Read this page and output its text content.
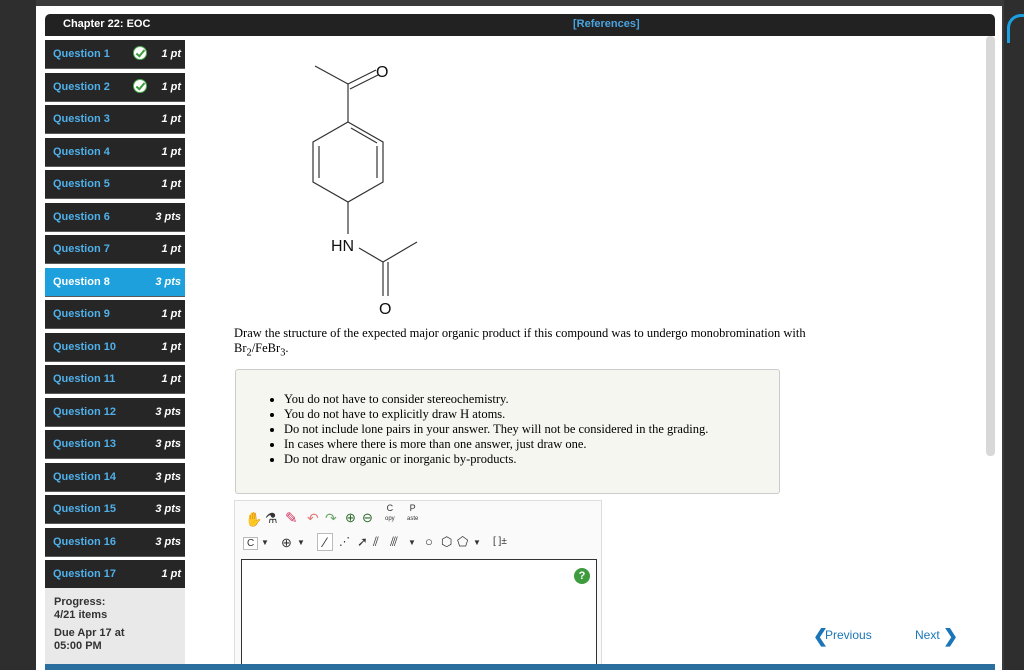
Chapter 22: EOC	[References]
Question 1	1 pt
Question 2	1 pt
Question 3	1 pt
Question 4	1 pt
Question 5	1 pt
Question 6	3 pts
Question 7	1 pt
Question 8	3 pts
Question 9	1 pt
Question 10	1 pt
Question 11	1 pt
Question 12	3 pts
Question 13	3 pts
Question 14	3 pts
Question 15	3 pts
Question 16	3 pts
Question 17	1 pt
Progress:
4/21 items
Due Apr 17 at
05:00 PM
O
HN
O
Draw the structure of the expected major organic product if this compound was to undergo monobromination with
$Br_2/FeBr_3$.
• You do not have to consider stereochemistry.
• You do not have to explicitly draw H atoms.
• Do not include lone pairs in your answer. They will not be considered in the grading.
• In cases where there is more than one answer, just draw one.
• Do not draw organic or inorganic by-products.
✋ ⚗ ✎ ↶ ↷ ⊕ ⊖
C
opy
P
aste
C ▼ ⊕ ▼	⁄	⋰ ➚ ⫽ ⫻ ▼ ○ ⬡ ⬠ ▼ [ ]±
?
❮
Previous	Next ❯
